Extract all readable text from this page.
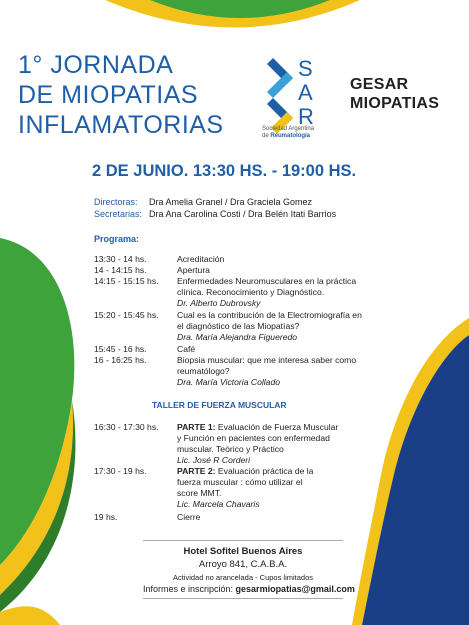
1° JORNADA
DE MIOPATIAS
INFLAMATORIAS
S
A
R
Sociedad Argentina
de Reumatología
GESAR
MIOPATIAS
2 DE JUNIO. 13:30 HS. - 19:00 HS.
Directoras: Dra Amelia Granel / Dra Graciela Gomez
Secretarias: Dra Ana Carolina Costi / Dra Belén Itati Barrios
Programa:
13:30 - 14 hs.	Acreditación
14 - 14:15 hs.	Apertura
14:15 - 15:15 hs. Enfermedades Neuromusculares en la práctica
clínica. Reconocimiento y Diagnóstico.
Dr. Alberto Dubrovsky
15:20 - 15:45 hs. Cual es la contribución de la Electromiografía en
el diagnóstico de las Miopatías?
Dra. María Alejandra Figueredo
15:45 - 16 hs.	Café
16 - 16:25 hs.	Biopsia muscular: que me interesa saber como
reumatólogo?
Dra. María Victoria Collado
TALLER DE FUERZA MUSCULAR
16:30 - 17:30 hs. PARTE 1: Evaluación de Fuerza Muscular
y Función en pacientes con enfermedad
muscular. Teórico y Práctico
Lic. José R Corderi
17:30 - 19 hs.	PARTE 2: Evaluación práctica de la
fuerza muscular : cómo utilizar el
score MMT.
Lic. Marcela Chavaris
19 hs.	Cierre
Hotel Sofitel Buenos Aires
Arroyo 841, C.A.B.A.
Actividad no arancelada - Cupos limitados
Informes e inscripción: gesarmiopatias@gmail.com
